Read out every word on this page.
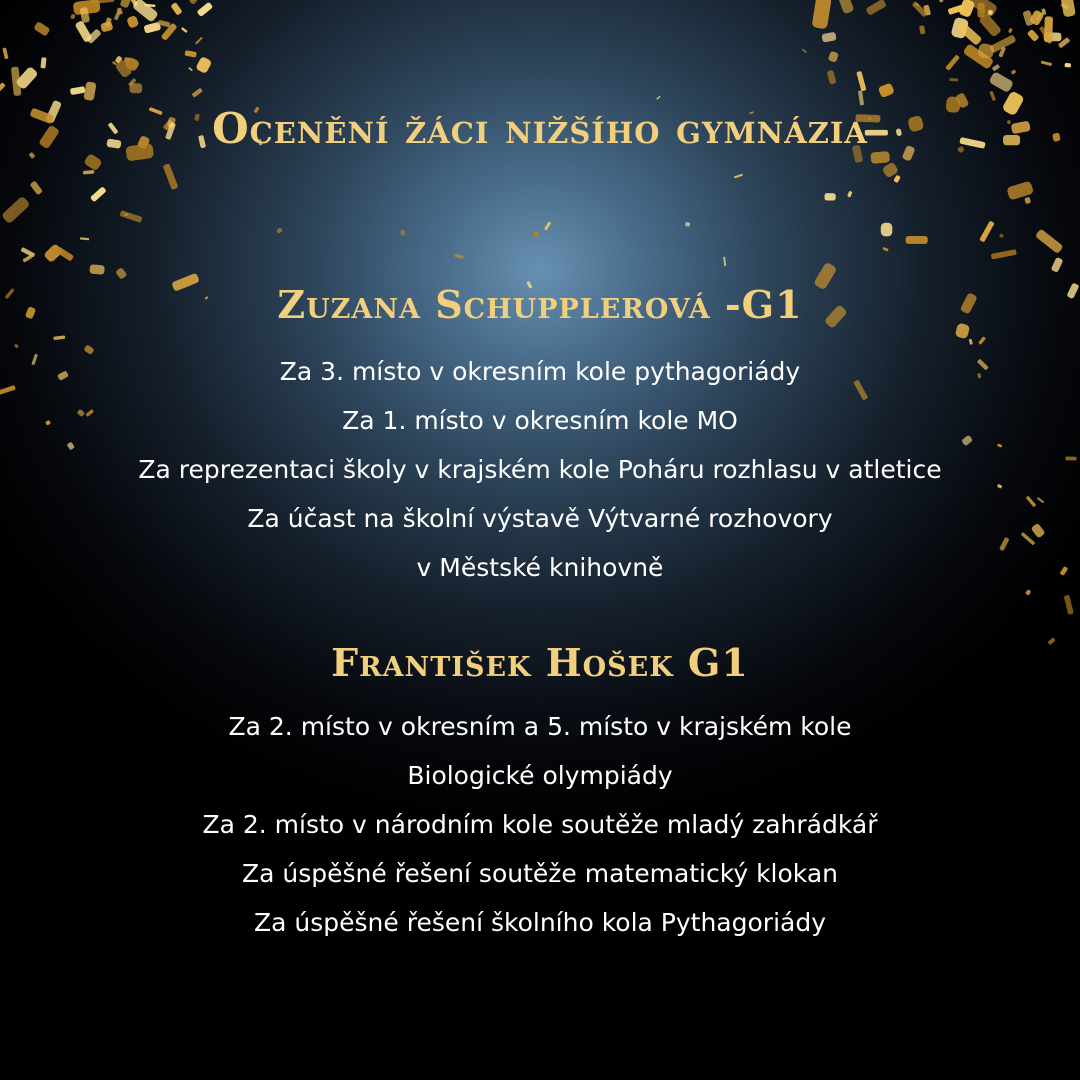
Ocenění žáci nižšího gymnázia
Zuzana Schupplerová -G1
Za 3. místo v okresním kole pythagoriády
Za 1. místo v okresním kole MO
Za reprezentaci školy v krajském kole Poháru rozhlasu v atletice
Za účast na školní výstavě Výtvarné rozhovory
v Městské knihovně
František Hošek G1
Za 2. místo v okresním a 5. místo v krajském kole
Biologické olympiády
Za 2. místo v národním kole soutěže mladý zahrádkář
Za úspěšné řešení soutěže matematický klokan
Za úspěšné řešení školního kola Pythagoriády
